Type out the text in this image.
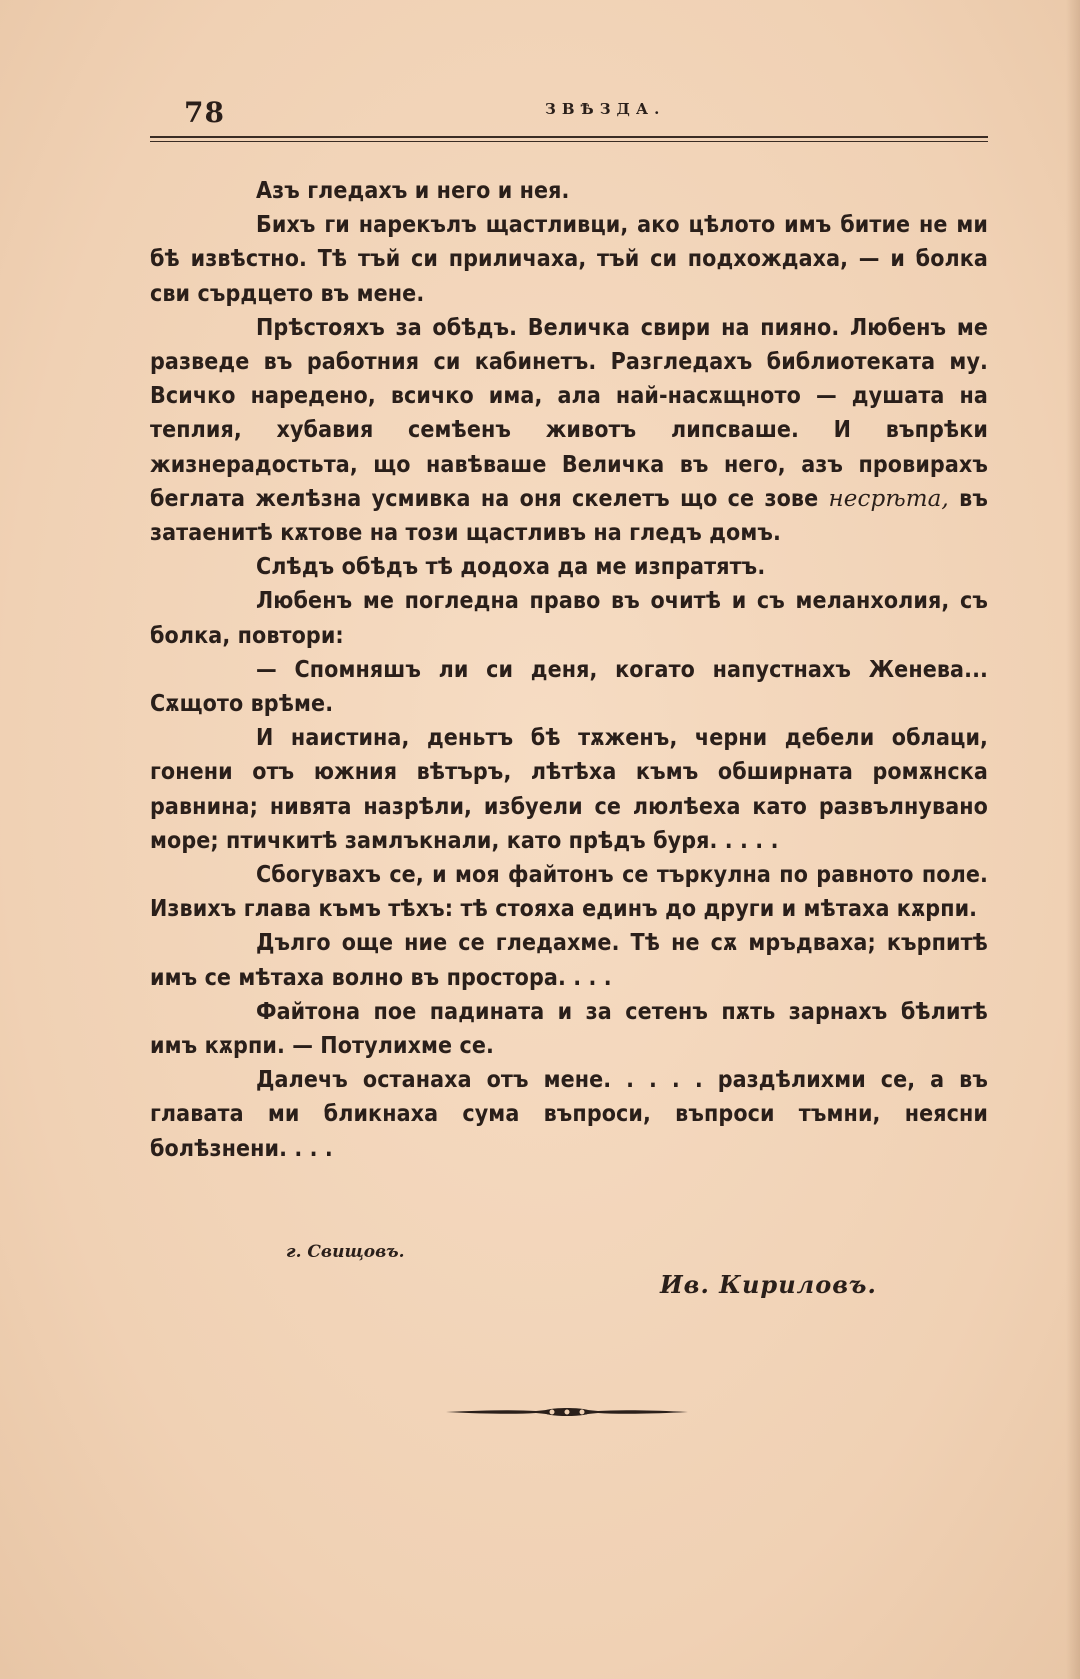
78	ЗВѢЗДА.

Азъ гледахъ и него и нея.

Бихъ ги нарекълъ щастливци, ако цѣлото имъ битие не ми бѣ извѣстно. Тѣ тъй си приличаха, тъй си подхождаха, — и болка сви сърдцето въ мене.

Прѣстояхъ за обѣдъ. Величка свири на пияно. Любенъ ме разведе въ работния си кабинетъ. Разгледахъ библиотеката му. Всичко наредено, всичко има, ала най-насѫщното — душата на теплия, хубавия семѣенъ животъ липсваше. И въпрѣки жизнерадостьта, що навѣваше Величка въ него, азъ провирахъ беглата желѣзна усмивка на оня скелетъ що се зове несрѣта, въ затаенитѣ кѫтове на този щастливъ на гледъ домъ.

Слѣдъ обѣдъ тѣ додоха да ме изпратятъ.

Любенъ ме погледна право въ очитѣ и съ меланхолия, съ болка, повтори:

— Спомняшъ ли си деня, когато напустнахъ Женева... Сѫщото врѣме.

И наистина, деньтъ бѣ тѫженъ, черни дебели облаци, гонени отъ южния вѣтъръ, лѣтѣха къмъ обширната ромѫнска равнина; нивята назрѣли, избуели се люлѣеха като развълнувано море; птичкитѣ замлъкнали, като прѣдъ буря. . . . .

Сбогувахъ се, и моя файтонъ се търкулна по равното поле. Извихъ глава къмъ тѣхъ: тѣ стояха единъ до други и мѣтаха кѫрпи.

Дълго още ние се гледахме. Тѣ не сѫ мръдваха; кърпитѣ имъ се мѣтаха волно въ простора. . . .

Файтона пое падината и за сетенъ пѫть зарнахъ бѣлитѣ имъ кѫрпи. — Потулихме се.

Далечъ останаха отъ мене. . . . . раздѣлихми се, а въ главата ми бликнаха сума въпроси, въпроси тъмни, неясни болѣзнени. . . .

г. Свищовъ.
Ив. Кириловъ.
